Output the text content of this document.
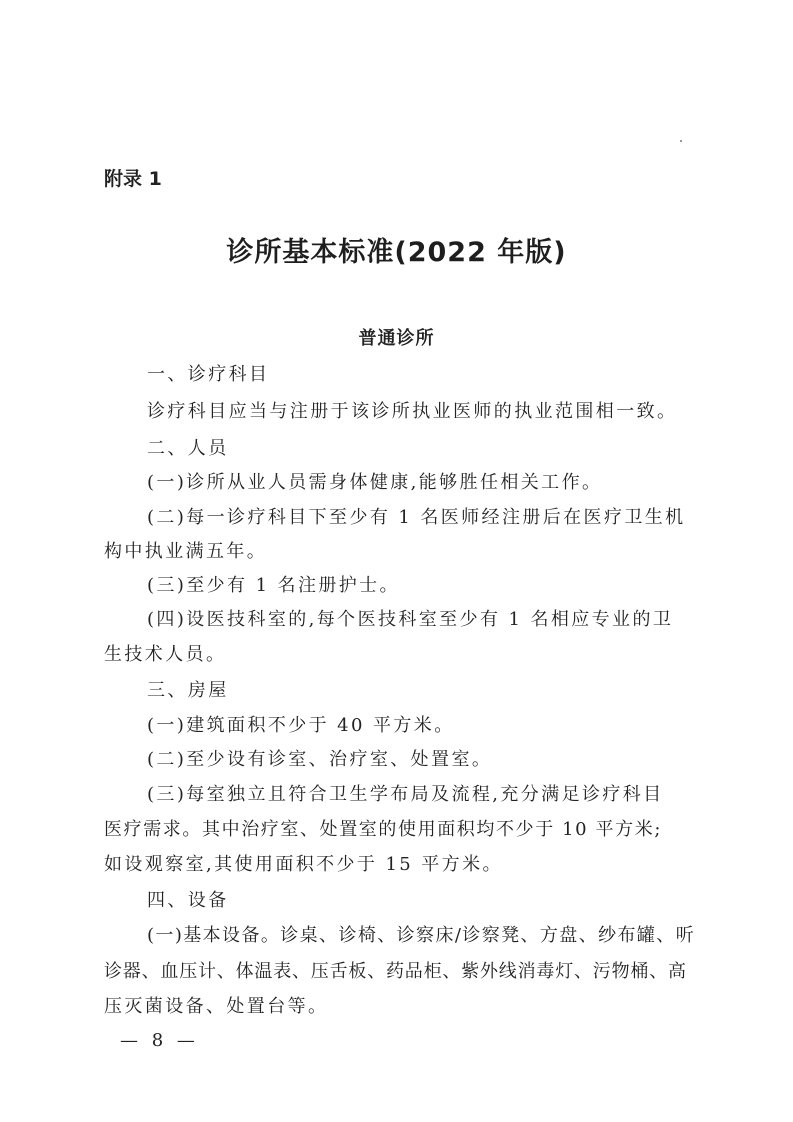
附录 1
诊所基本标准(2022 年版)
普通诊所
一、诊疗科目
诊疗科目应当与注册于该诊所执业医师的执业范围相一致。
二、人员
(一)诊所从业人员需身体健康,能够胜任相关工作。
(二)每一诊疗科目下至少有 1 名医师经注册后在医疗卫生机
构中执业满五年。
(三)至少有 1 名注册护士。
(四)设医技科室的,每个医技科室至少有 1 名相应专业的卫
生技术人员。
三、房屋
(一)建筑面积不少于 40 平方米。
(二)至少设有诊室、治疗室、处置室。
(三)每室独立且符合卫生学布局及流程,充分满足诊疗科目
医疗需求。其中治疗室、处置室的使用面积均不少于 10 平方米;
如设观察室,其使用面积不少于 15 平方米。
四、设备
(一)基本设备。诊桌、诊椅、诊察床/诊察凳、方盘、纱布罐、听
诊器、血压计、体温表、压舌板、药品柜、紫外线消毒灯、污物桶、高
压灭菌设备、处置台等。
— 8 —
